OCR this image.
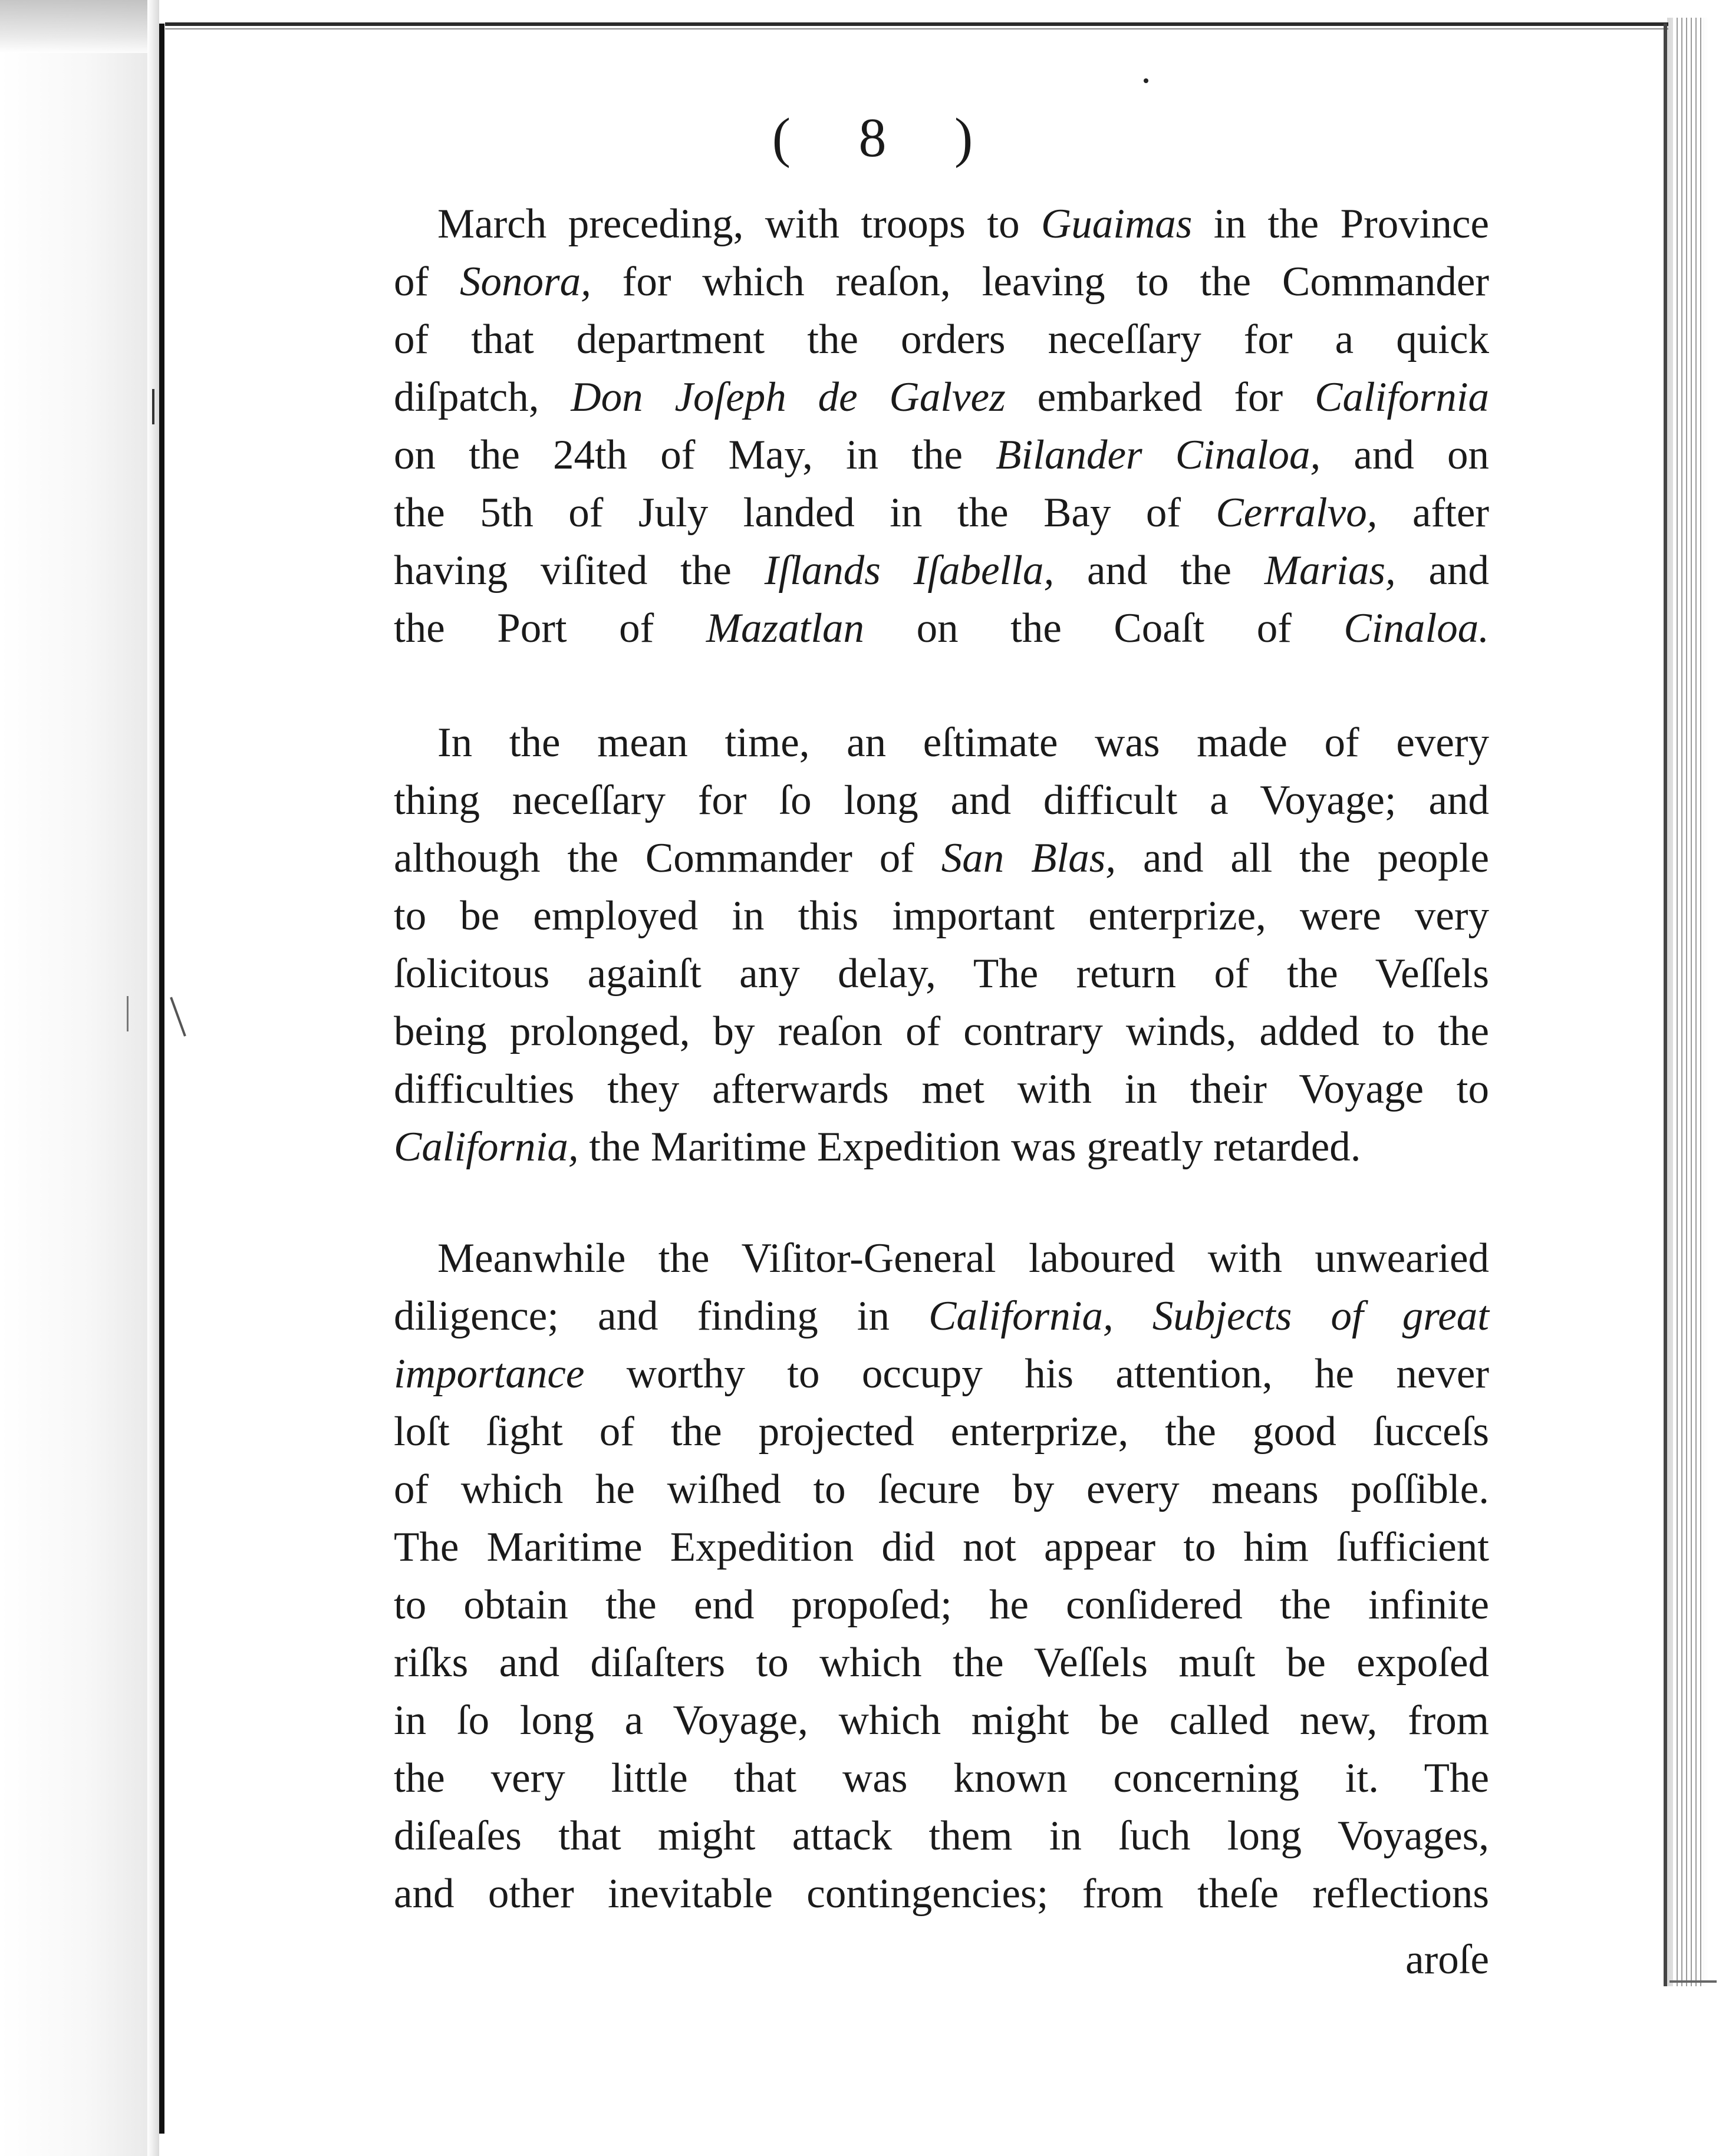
( 8 )
March preceding, with troops to Guaimas in the Province
of Sonora, for which reaſon, leaving to the Commander
of that department the orders neceſſary for a quick
diſpatch, Don Joſeph de Galvez embarked for California
on the 24th of May, in the Bilander Cinaloa, and on
the 5th of July landed in the Bay of Cerralvo, after
having viſited the Iſlands Iſabella, and the Marias, and
the Port of Mazatlan on the Coaſt of Cinaloa.
In the mean time, an eſtimate was made of every
thing neceſſary for ſo long and difficult a Voyage; and
although the Commander of San Blas, and all the people
to be employed in this important enterprize, were very
ſolicitous againſt any delay, The return of the Veſſels
being prolonged, by reaſon of contrary winds, added to the
difficulties they afterwards met with in their Voyage to
California, the Maritime Expedition was greatly retarded.
Meanwhile the Viſitor-General laboured with unwearied
diligence; and finding in California, Subjects of great
importance worthy to occupy his attention, he never
loſt ſight of the projected enterprize, the good ſucceſs
of which he wiſhed to ſecure by every means poſſible.
The Maritime Expedition did not appear to him ſufficient
to obtain the end propoſed; he conſidered the infinite
riſks and diſaſters to which the Veſſels muſt be expoſed
in ſo long a Voyage, which might be called new, from
the very little that was known concerning it. The
diſeaſes that might attack them in ſuch long Voyages,
and other inevitable contingencies; from theſe reflections
aroſe
